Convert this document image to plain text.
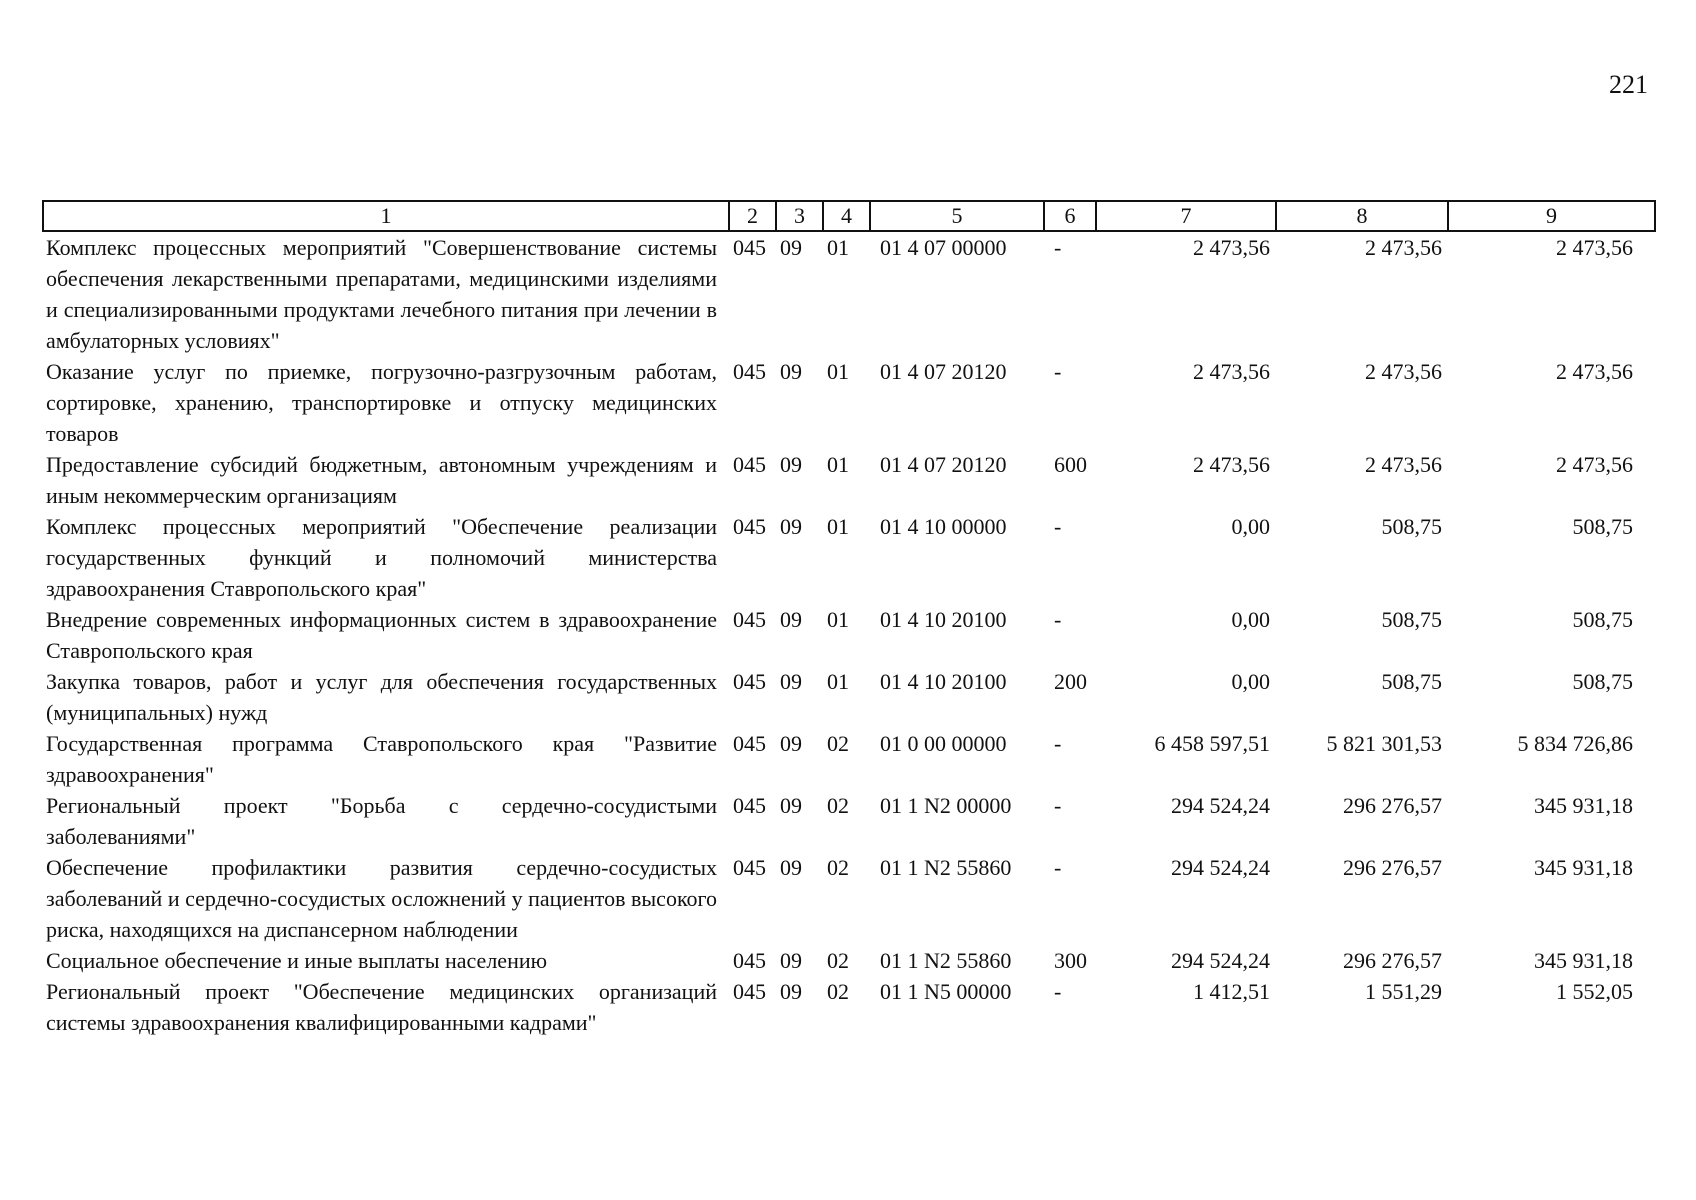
221
1	2	3	4	5	6	7	8	9
Комплекс процессных мероприятий "Совершенствование системы обеспечения лекарственными препаратами, медицинскими изделиями и специализированными продуктами лечебного питания при лечении в амбулаторных условиях"	045	09	01	01 4 07 00000	-	2 473,56	2 473,56	2 473,56
Оказание услуг по приемке, погрузочно-разгрузочным работам, сортировке, хранению, транспортировке и отпуску медицинских товаров	045	09	01	01 4 07 20120	-	2 473,56	2 473,56	2 473,56
Предоставление субсидий бюджетным, автономным учреждениям и иным некоммерческим организациям	045	09	01	01 4 07 20120	600	2 473,56	2 473,56	2 473,56
Комплекс процессных мероприятий "Обеспечение реализации государственных функций и полномочий министерства здравоохранения Ставропольского края"	045	09	01	01 4 10 00000	-	0,00	508,75	508,75
Внедрение современных информационных систем в здравоохранение Ставропольского края	045	09	01	01 4 10 20100	-	0,00	508,75	508,75
Закупка товаров, работ и услуг для обеспечения государственных (муниципальных) нужд	045	09	01	01 4 10 20100	200	0,00	508,75	508,75
Государственная программа Ставропольского края "Развитие здравоохранения"	045	09	02	01 0 00 00000	-	6 458 597,51	5 821 301,53	5 834 726,86
Региональный проект "Борьба с сердечно-сосудистыми заболеваниями"	045	09	02	01 1 N2 00000	-	294 524,24	296 276,57	345 931,18
Обеспечение профилактики развития сердечно-сосудистых заболеваний и сердечно-сосудистых осложнений у пациентов высокого риска, находящихся на диспансерном наблюдении	045	09	02	01 1 N2 55860	-	294 524,24	296 276,57	345 931,18
Социальное обеспечение и иные выплаты населению	045	09	02	01 1 N2 55860	300	294 524,24	296 276,57	345 931,18
Региональный проект "Обеспечение медицинских организаций системы здравоохранения квалифицированными кадрами"	045	09	02	01 1 N5 00000	-	1 412,51	1 551,29	1 552,05
